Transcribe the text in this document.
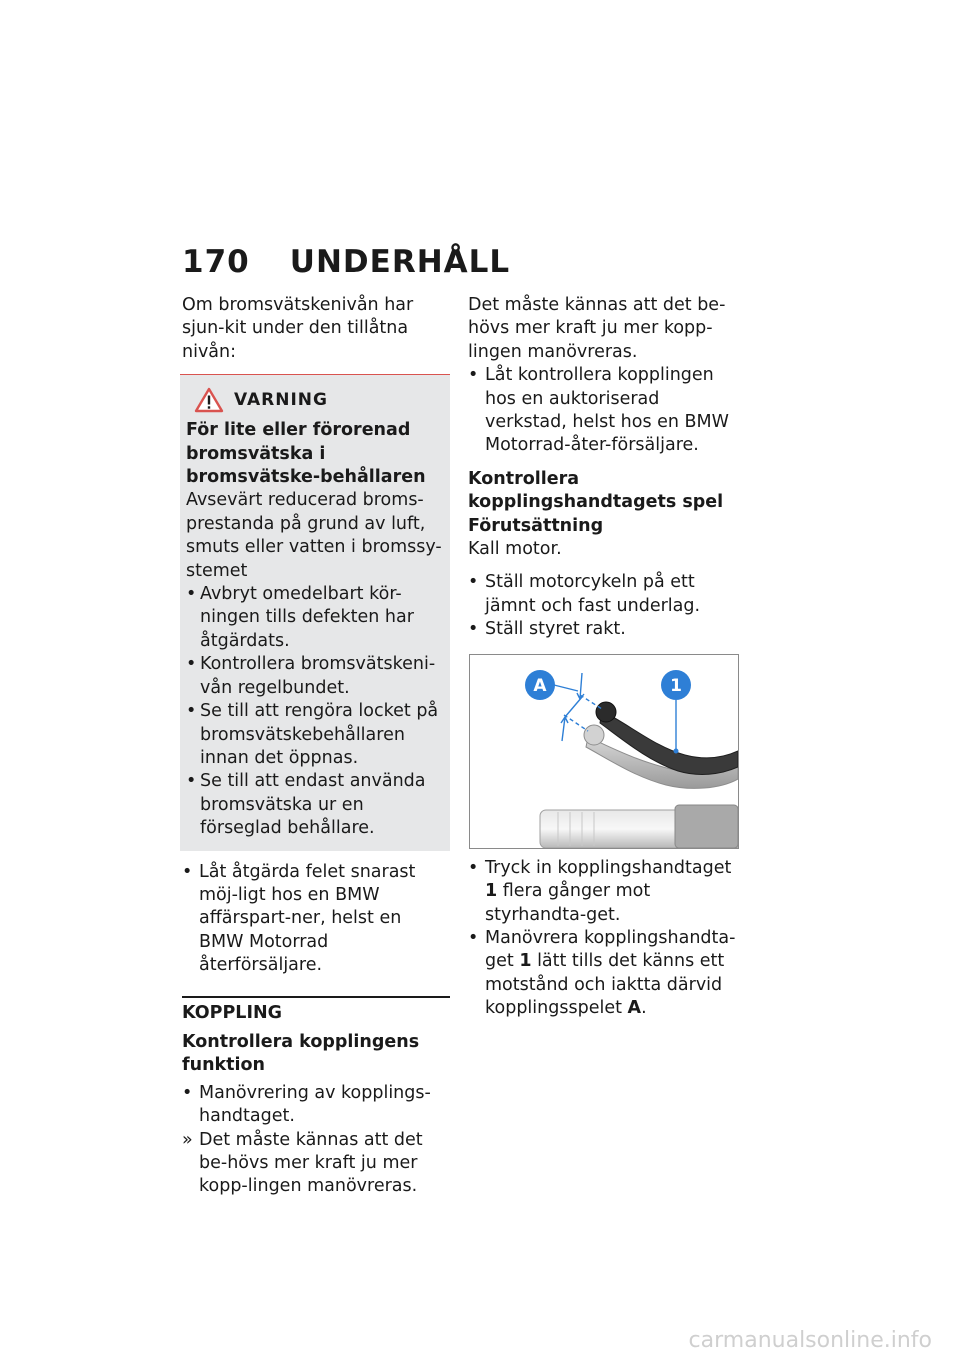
170 UNDERHÅLL

Om bromsvätskenivån har sjun-kit under den tillåtna nivån:

VARNING

För lite eller förorenad bromsvätska i bromsvätske-behållaren

Avsevärt reducerad broms-prestanda på grund av luft, smuts eller vatten i bromssy-stemet

• Avbryt omedelbart kör-ningen tills defekten har åtgärdats.
• Kontrollera bromsvätskeni-vån regelbundet.
• Se till att rengöra locket på bromsvätskebehållaren innan det öppnas.
• Se till att endast använda bromsvätska ur en förseglad behållare.
• Låt åtgärda felet snarast möj-ligt hos en BMW affärspart-ner, helst en BMW Motorrad återförsäljare.
KOPPLING

Kontrollera kopplingens funktion

• Manövrering av kopplings-handtaget.
» Det måste kännas att det be-hövs mer kraft ju mer kopp-lingen manövreras.

Det måste kännas att det be-hövs mer kraft ju mer kopp-lingen manövreras.

• Låt kontrollera kopplingen hos en auktoriserad verkstad, helst hos en BMW Motorrad-åter-försäljare.

Kontrollera kopplingshandtagets spel

Förutsättning

Kall motor.

• Ställ motorcykeln på ett jämnt och fast underlag.
• Ställ styret rakt.
A	1
• Tryck in kopplingshandtaget 1 flera gånger mot styrhandta-get.
• Manövrera kopplingshandta-get 1 lätt tills det känns ett motstånd och iaktta därvid kopplingsspelet A.
carmanualsonline.info
